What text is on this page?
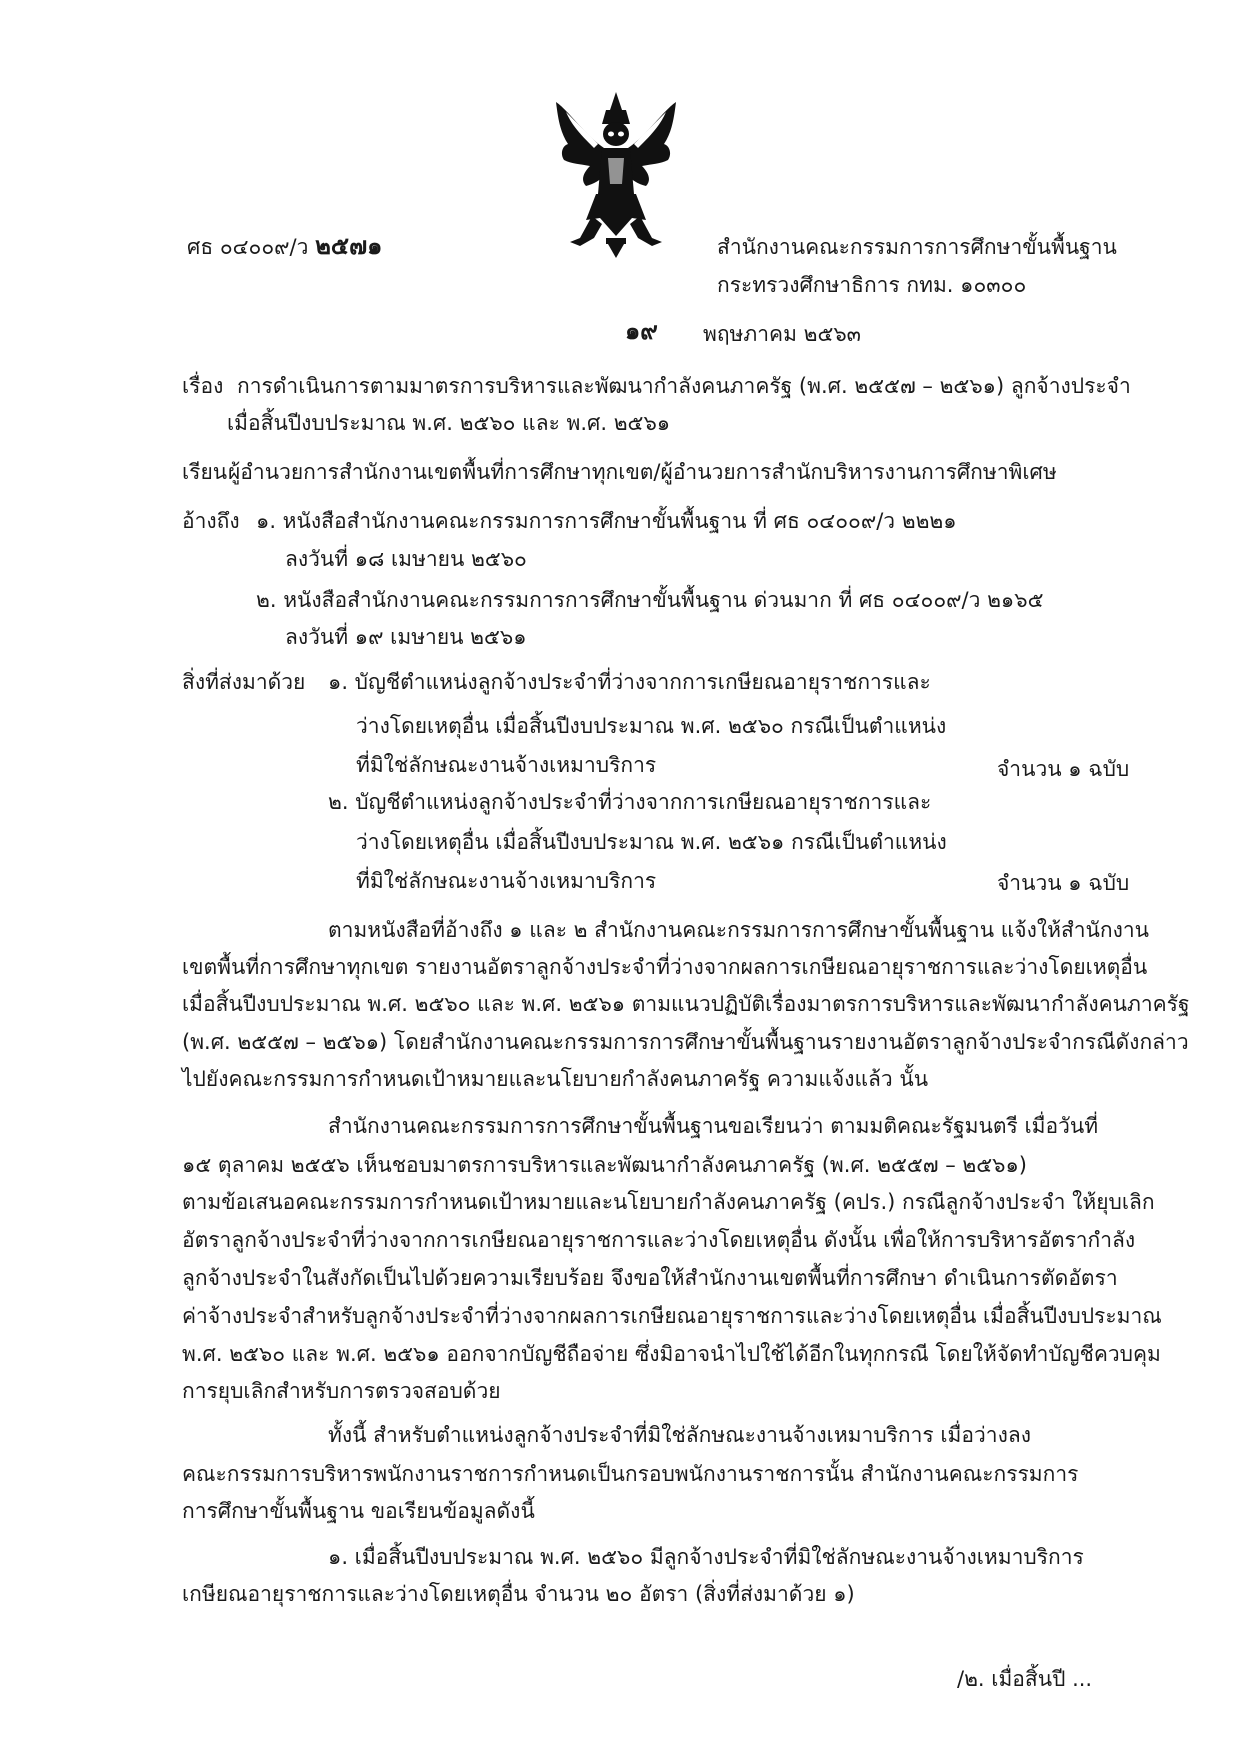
ศธ ๐๔๐๐๙/ว ๒๕๗๑	สำนักงานคณะกรรมการการศึกษาขั้นพื้นฐาน
กระทรวงศึกษาธิการ กทม. ๑๐๓๐๐
๑๙ พฤษภาคม ๒๕๖๓
เรื่อง การดำเนินการตามมาตรการบริหารและพัฒนากำลังคนภาครัฐ (พ.ศ. ๒๕๕๗ – ๒๕๖๑) ลูกจ้างประจำ
เมื่อสิ้นปีงบประมาณ พ.ศ. ๒๕๖๐ และ พ.ศ. ๒๕๖๑
เรียน ผู้อำนวยการสำนักงานเขตพื้นที่การศึกษาทุกเขต/ผู้อำนวยการสำนักบริหารงานการศึกษาพิเศษ
อ้างถึง ๑. หนังสือสำนักงานคณะกรรมการการศึกษาขั้นพื้นฐาน ที่ ศธ ๐๔๐๐๙/ว ๒๒๒๑
ลงวันที่ ๑๘ เมษายน ๒๕๖๐
๒. หนังสือสำนักงานคณะกรรมการการศึกษาขั้นพื้นฐาน ด่วนมาก ที่ ศธ ๐๔๐๐๙/ว ๒๑๖๕
ลงวันที่ ๑๙ เมษายน ๒๕๖๑
สิ่งที่ส่งมาด้วย ๑. บัญชีตำแหน่งลูกจ้างประจำที่ว่างจากการเกษียณอายุราชการและ
ว่างโดยเหตุอื่น เมื่อสิ้นปีงบประมาณ พ.ศ. ๒๕๖๐ กรณีเป็นตำแหน่ง
ที่มิใช่ลักษณะงานจ้างเหมาบริการ	จำนวน ๑ ฉบับ
๒. บัญชีตำแหน่งลูกจ้างประจำที่ว่างจากการเกษียณอายุราชการและ
ว่างโดยเหตุอื่น เมื่อสิ้นปีงบประมาณ พ.ศ. ๒๕๖๑ กรณีเป็นตำแหน่ง
ที่มิใช่ลักษณะงานจ้างเหมาบริการ	จำนวน ๑ ฉบับ
ตามหนังสือที่อ้างถึง ๑ และ ๒ สำนักงานคณะกรรมการการศึกษาขั้นพื้นฐาน แจ้งให้สำนักงาน
เขตพื้นที่การศึกษาทุกเขต รายงานอัตราลูกจ้างประจำที่ว่างจากผลการเกษียณอายุราชการและว่างโดยเหตุอื่น
เมื่อสิ้นปีงบประมาณ พ.ศ. ๒๕๖๐ และ พ.ศ. ๒๕๖๑ ตามแนวปฏิบัติเรื่องมาตรการบริหารและพัฒนากำลังคนภาครัฐ
(พ.ศ. ๒๕๕๗ – ๒๕๖๑) โดยสำนักงานคณะกรรมการการศึกษาขั้นพื้นฐานรายงานอัตราลูกจ้างประจำกรณีดังกล่าว
ไปยังคณะกรรมการกำหนดเป้าหมายและนโยบายกำลังคนภาครัฐ ความแจ้งแล้ว นั้น
สำนักงานคณะกรรมการการศึกษาขั้นพื้นฐานขอเรียนว่า ตามมติคณะรัฐมนตรี เมื่อวันที่
๑๕ ตุลาคม ๒๕๕๖ เห็นชอบมาตรการบริหารและพัฒนากำลังคนภาครัฐ (พ.ศ. ๒๕๕๗ – ๒๕๖๑)
ตามข้อเสนอคณะกรรมการกำหนดเป้าหมายและนโยบายกำลังคนภาครัฐ (คปร.) กรณีลูกจ้างประจำ ให้ยุบเลิก
อัตราลูกจ้างประจำที่ว่างจากการเกษียณอายุราชการและว่างโดยเหตุอื่น ดังนั้น เพื่อให้การบริหารอัตรากำลัง
ลูกจ้างประจำในสังกัดเป็นไปด้วยความเรียบร้อย จึงขอให้สำนักงานเขตพื้นที่การศึกษา ดำเนินการตัดอัตรา
ค่าจ้างประจำสำหรับลูกจ้างประจำที่ว่างจากผลการเกษียณอายุราชการและว่างโดยเหตุอื่น เมื่อสิ้นปีงบประมาณ
พ.ศ. ๒๕๖๐ และ พ.ศ. ๒๕๖๑ ออกจากบัญชีถือจ่าย ซึ่งมิอาจนำไปใช้ได้อีกในทุกกรณี โดยให้จัดทำบัญชีควบคุม
การยุบเลิกสำหรับการตรวจสอบด้วย
ทั้งนี้ สำหรับตำแหน่งลูกจ้างประจำที่มิใช่ลักษณะงานจ้างเหมาบริการ เมื่อว่างลง
คณะกรรมการบริหารพนักงานราชการกำหนดเป็นกรอบพนักงานราชการนั้น สำนักงานคณะกรรมการ
การศึกษาขั้นพื้นฐาน ขอเรียนข้อมูลดังนี้
๑. เมื่อสิ้นปีงบประมาณ พ.ศ. ๒๕๖๐ มีลูกจ้างประจำที่มิใช่ลักษณะงานจ้างเหมาบริการ
เกษียณอายุราชการและว่างโดยเหตุอื่น จำนวน ๒๐ อัตรา (สิ่งที่ส่งมาด้วย ๑)
/๒. เมื่อสิ้นปี ...
